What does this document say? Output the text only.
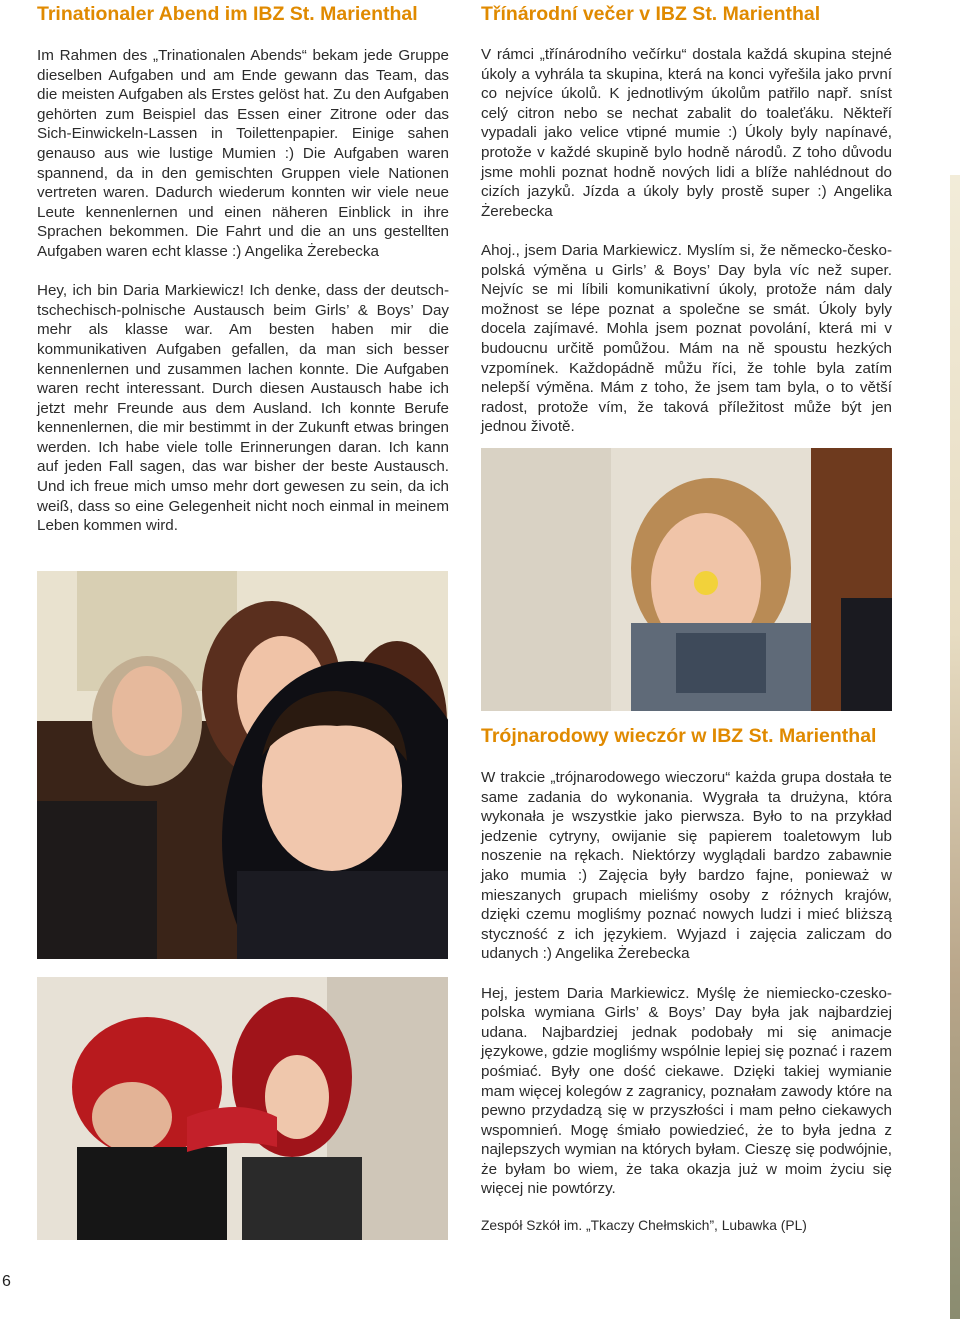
Trinationaler Abend im IBZ St. Marienthal

Im Rahmen des „Trinationalen Abends“ bekam jede Gruppe dieselben Aufgaben und am Ende gewann das Team, das die meisten Aufgaben als Erstes gelöst hat. Zu den Aufgaben gehörten zum Beispiel das Essen einer Zitrone oder das Sich-Einwickeln-Lassen in Toilettenpapier. Einige sahen genauso aus wie lustige Mumien :) Die Aufgaben waren spannend, da in den gemischten Gruppen viele Nationen vertreten waren. Dadurch wiederum konnten wir viele neue Leute kennenlernen und einen näheren Einblick in ihre Sprachen bekommen. Die Fahrt und die an uns gestellten Aufgaben waren echt klasse :) Angelika Żerebecka

Hey, ich bin Daria Markiewicz! Ich denke, dass der deutsch-tschechisch-polnische Austausch beim Girls’ & Boys’ Day mehr als klasse war. Am besten haben mir die kommunikativen Aufgaben gefallen, da man sich besser kennenlernen und zusammen lachen konnte. Die Aufgaben waren recht interessant. Durch diesen Austausch habe ich jetzt mehr Freunde aus dem Ausland. Ich konnte Berufe kennenlernen, die mir bestimmt in der Zukunft etwas bringen werden. Ich habe viele tolle Erinnerungen daran. Ich kann auf jeden Fall sagen, das war bisher der beste Austausch. Und ich freue mich umso mehr dort gewesen zu sein, da ich weiß, dass so eine Gelegenheit nicht noch einmal in meinem Leben kommen wird.

Třínárodní večer v IBZ St. Marienthal

V rámci „třínárodního večírku“ dostala každá skupina stejné úkoly a vyhrála ta skupina, která na konci vyřešila jako první co nejvíce úkolů. K jednotlivým úkolům patřilo např. sníst celý citron nebo se nechat zabalit do toaleťáku. Někteří vypadali jako velice vtipné mumie :) Úkoly byly napínavé, protože v každé skupině bylo hodně národů. Z toho důvodu jsme mohli poznat hodně nových lidi a blíže nahlédnout do cizích jazyků. Jízda a úkoly byly prostě super :) Angelika Żerebecka

Ahoj., jsem Daria Markiewicz. Myslím si, že německo-česko-polská výměna u Girls’ & Boys’ Day byla víc než super. Nejvíc se mi líbili komunikativní úkoly, protože nám daly možnost se lépe poznat a společne se smát. Úkoly byly docela zajímavé. Mohla jsem poznat povolání, která mi v budoucnu určitě pomůžou. Mám na ně spoustu hezkých vzpomínek. Každopádně můžu říci, že tohle byla zatím nelepší výměna. Mám z toho, že jsem tam byla, o to větší radost, protože vím, že taková příležitost může být jen jednou životě.

Trójnarodowy wieczór w IBZ St. Marienthal

W trakcie „trójnarodowego wieczoru“ każda grupa dostała te same zadania do wykonania. Wygrała ta drużyna, która wykonała je wszystkie jako pierwsza. Było to na przykład jedzenie cytryny, owijanie się papierem toaletowym lub noszenie na rękach. Niektórzy wyglądali bardzo zabawnie jako mumia :) Zajęcia były bardzo fajne, ponieważ w mieszanych grupach mieliśmy osoby z różnych krajów, dzięki czemu mogliśmy poznać nowych ludzi i mieć bliższą styczność z ich językiem. Wyjazd i zajęcia zaliczam do udanych :) Angelika Żerebecka

Hej, jestem Daria Markiewicz. Myślę że niemiecko-czesko-polska wymiana Girls’ & Boys’ Day była jak najbardziej udana. Najbardziej jednak podobały mi się animacje językowe, gdzie mogliśmy wspólnie lepiej się poznać i razem pośmiać. Były one dość ciekawe. Dzięki takiej wymianie mam więcej kolegów z zagranicy, poznałam zawody które na pewno przydadzą się w przyszłości i mam pełno ciekawych wspomnień. Mogę śmiało powiedzieć, że to była jedna z najlepszych wymian na których byłam. Cieszę się podwójnie, że byłam bo wiem, że taka okazja już w moim życiu się więcej nie powtórzy.

Zespół Szkół im. „Tkaczy Chełmskich”, Lubawka (PL)

6
